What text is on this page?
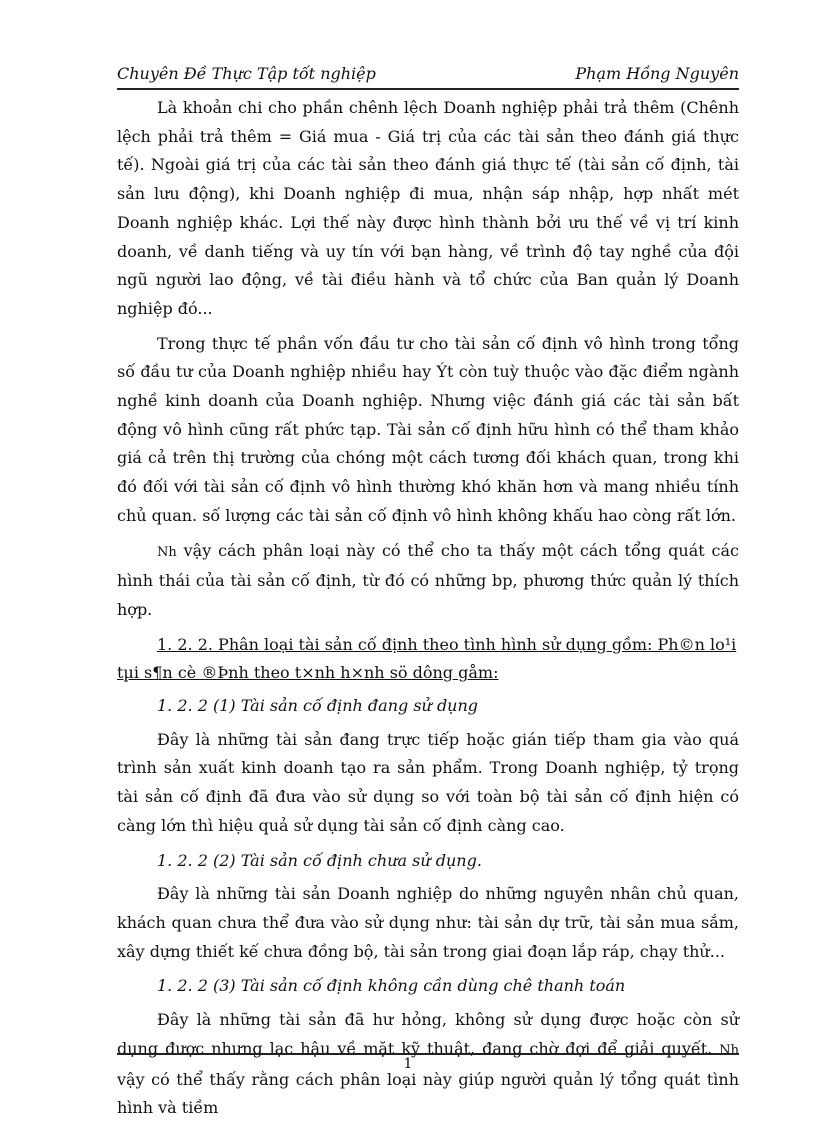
Chuyên Đề Thực Tập tốt nghiệp	Phạm Hồng Nguyên

Là khoản chi cho phần chênh lệch Doanh nghiệp phải trả thêm (Chênh lệch phải trả thêm = Giá mua - Giá trị của các tài sản theo đánh giá thực tế). Ngoài giá trị của các tài sản theo đánh giá thực tế (tài sản cố định, tài sản lưu động), khi Doanh nghiệp đi mua, nhận sáp nhập, hợp nhất mét Doanh nghiệp khác. Lợi thế này được hình thành bởi ưu thế về vị trí kinh doanh, về danh tiếng và uy tín với bạn hàng, về trình độ tay nghề của đội ngũ người lao động, về tài điều hành và tổ chức của Ban quản lý Doanh nghiệp đó...

Trong thực tế phần vốn đầu tư cho tài sản cố định vô hình trong tổng số đầu tư của Doanh nghiệp nhiều hay Ýt còn tuỳ thuộc vào đặc điểm ngành nghề kinh doanh của Doanh nghiệp. Nhưng việc đánh giá các tài sản bất động vô hình cũng rất phức tạp. Tài sản cố định hữu hình có thể tham khảo giá cả trên thị trường của chóng một cách tương đối khách quan, trong khi đó đối với tài sản cố định vô hình thường khó khăn hơn và mang nhiều tính chủ quan. số lượng các tài sản cố định vô hình không khấu hao còng rất lớn.

Nh vậy cách phân loại này có thể cho ta thấy một cách tổng quát các hình thái của tài sản cố định, từ đó có những bp, phương thức quản lý thích hợp.

1. 2. 2. Phân loại tài sản cố định theo tình hình sử dụng gồm: Ph©n lo¹i tµi s¶n cè ®Þnh theo t×nh h×nh sö dông gåm:

1. 2. 2 (1) Tài sản cố định đang sử dụng

Đây là những tài sản đang trực tiếp hoặc gián tiếp tham gia vào quá trình sản xuất kinh doanh tạo ra sản phẩm. Trong Doanh nghiệp, tỷ trọng tài sản cố định đã đưa vào sử dụng so với toàn bộ tài sản cố định hiện có càng lớn thì hiệu quả sử dụng tài sản cố định càng cao.

1. 2. 2 (2) Tài sản cố định chưa sử dụng.

Đây là những tài sản Doanh nghiệp do những nguyên nhân chủ quan, khách quan chưa thể đưa vào sử dụng như: tài sản dự trữ, tài sản mua sắm, xây dựng thiết kế chưa đồng bộ, tài sản trong giai đoạn lắp ráp, chạy thử...

1. 2. 2 (3) Tài sản cố định không cần dùng chê thanh toán

Đây là những tài sản đã hư hỏng, không sử dụng được hoặc còn sử dụng được nhưng lạc hậu về mặt kỹ thuật, đang chờ đợi để giải quyết. Nh vậy có thể thấy rằng cách phân loại này giúp người quản lý tổng quát tình hình và tiềm

1
